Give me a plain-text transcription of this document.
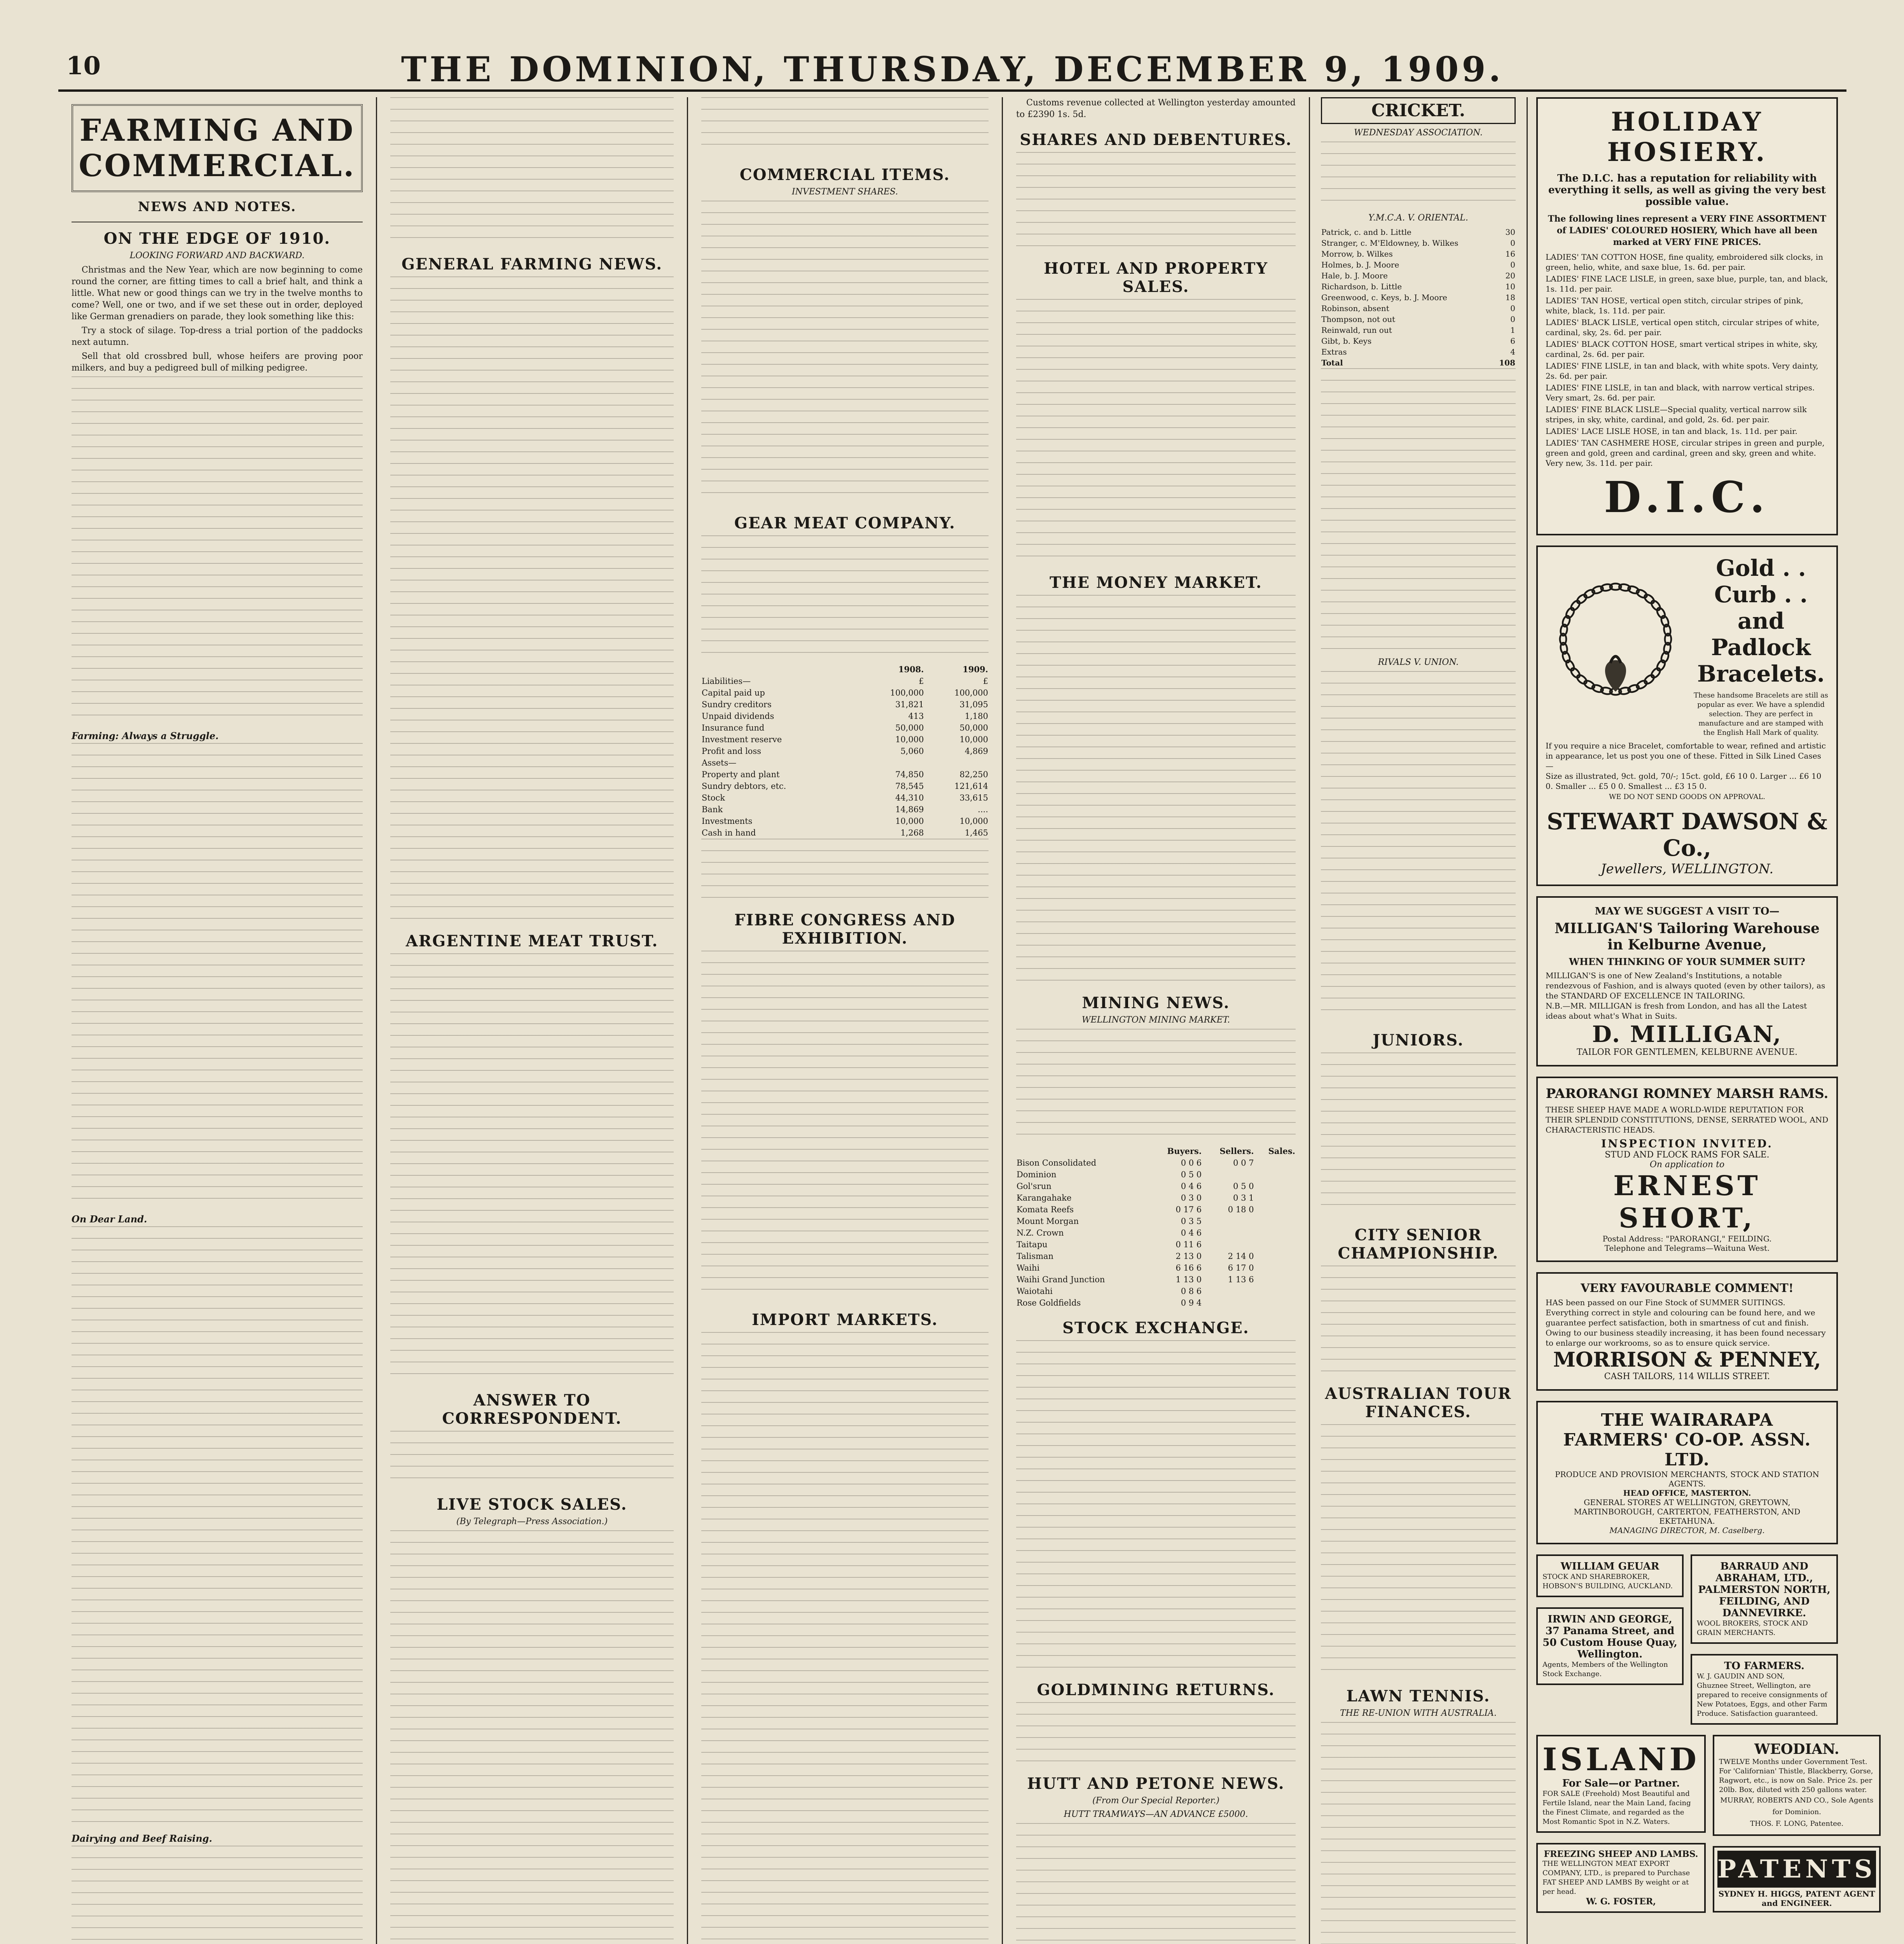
10	THE DOMINION, THURSDAY, DECEMBER 9, 1909.
FARMING AND COMMERCIAL.
NEWS AND NOTES.
ON THE EDGE OF 1910.
LOOKING FORWARD AND BACKWARD.

Christmas and the New Year, which are now beginning to come round the corner, are fitting times to call a brief halt, and think a little. What new or good things can we try in the twelve months to come? Well, one or two, and if we set these out in order, deployed like German grenadiers on parade, they look something like this:

Try a stock of silage. Top-dress a trial portion of the paddocks next autumn.

Sell that old crossbred bull, whose heifers are proving poor milkers, and buy a pedigreed bull of milking pedigree.

Farming: Always a Struggle.
On Dear Land.
Dairying and Beef Raising.
GENERAL FARMING NEWS.
ARGENTINE MEAT TRUST.
ANSWER TO CORRESPONDENT.
LIVE STOCK SALES.
(By Telegraph—Press Association.)
COMMERCIAL ITEMS.
INVESTMENT SHARES.
GEAR MEAT COMPANY.
	1908.	1909.
Liabilities—	£	£
Capital paid up	100,000	100,000
Sundry creditors	31,821	31,095
Unpaid dividends	413	1,180
Insurance fund	50,000	50,000
Investment reserve	10,000	10,000
Profit and loss	5,060	4,869
Assets—		
Property and plant	74,850	82,250
Sundry debtors, etc.	78,545	121,614
Stock	44,310	33,615
Bank	14,869	....
Investments	10,000	10,000
Cash in hand	1,268	1,465
FIBRE CONGRESS AND EXHIBITION.
IMPORT MARKETS.

Customs revenue collected at Wellington yesterday amounted to £2390 1s. 5d.

SHARES AND DEBENTURES.
HOTEL AND PROPERTY SALES.
THE MONEY MARKET.
MINING NEWS.
WELLINGTON MINING MARKET.
	Buyers.	Sellers.	Sales.
Bison Consolidated	0 0 6	0 0 7	
Dominion	0 5 0		
Gol'srun	0 4 6	0 5 0	
Karangahake	0 3 0	0 3 1	
Komata Reefs	0 17 6	0 18 0	
Mount Morgan	0 3 5		
N.Z. Crown	0 4 6		
Taitapu	0 11 6		
Talisman	2 13 0	2 14 0	
Waihi	6 16 6	6 17 0	
Waihi Grand Junction	1 13 0	1 13 6	
Waiotahi	0 8 6		
Rose Goldfields	0 9 4		
STOCK EXCHANGE.
GOLDMINING RETURNS.
HUTT AND PETONE NEWS.
(From Our Special Reporter.)
HUTT TRAMWAYS—AN ADVANCE £5000.
CRICKET.
WEDNESDAY ASSOCIATION.
Y.M.C.A. V. ORIENTAL.
Patrick, c. and b. Little	30
Stranger, c. M'Eldowney, b. Wilkes	0
Morrow, b. Wilkes	16
Holmes, b. J. Moore	0
Hale, b. J. Moore	20
Richardson, b. Little	10
Greenwood, c. Keys, b. J. Moore	18
Robinson, absent	0
Thompson, not out	0
Reinwald, run out	1
Gibt, b. Keys	6
Extras	4
Total	108
RIVALS V. UNION.
JUNIORS.
CITY SENIOR CHAMPIONSHIP.
AUSTRALIAN TOUR FINANCES.
LAWN TENNIS.
THE RE-UNION WITH AUSTRALIA.
HOLIDAY HOSIERY.
The D.I.C. has a reputation for reliability with everything it sells, as well as giving the very best possible value.
The following lines represent a VERY FINE ASSORTMENT of LADIES' COLOURED HOSIERY, Which have all been marked at VERY FINE PRICES.
LADIES' TAN COTTON HOSE, fine quality, embroidered silk clocks, in green, helio, white, and saxe blue, 1s. 6d. per pair.
LADIES' FINE LACE LISLE, in green, saxe blue, purple, tan, and black, 1s. 11d. per pair.
LADIES' TAN HOSE, vertical open stitch, circular stripes of pink, white, black, 1s. 11d. per pair.
LADIES' BLACK LISLE, vertical open stitch, circular stripes of white, cardinal, sky, 2s. 6d. per pair.
LADIES' BLACK COTTON HOSE, smart vertical stripes in white, sky, cardinal, 2s. 6d. per pair.
LADIES' FINE LISLE, in tan and black, with white spots. Very dainty, 2s. 6d. per pair.
LADIES' FINE LISLE, in tan and black, with narrow vertical stripes. Very smart, 2s. 6d. per pair.
LADIES' FINE BLACK LISLE—Special quality, vertical narrow silk stripes, in sky, white, cardinal, and gold, 2s. 6d. per pair.
LADIES' LACE LISLE HOSE, in tan and black, 1s. 11d. per pair.
LADIES' TAN CASHMERE HOSE, circular stripes in green and purple, green and gold, green and cardinal, green and sky, green and white. Very new, 3s. 11d. per pair.
D.I.C.
Gold . .
Curb . .
and
Padlock
Bracelets.
These handsome Bracelets are still as popular as ever. We have a splendid selection. They are perfect in manufacture and are stamped with the English Hall Mark of quality.
If you require a nice Bracelet, comfortable to wear, refined and artistic in appearance, let us post you one of these. Fitted in Silk Lined Cases—
Size as illustrated, 9ct. gold, 70/-; 15ct. gold, £6 10 0. Larger ... £6 10 0. Smaller ... £5 0 0. Smallest ... £3 15 0.
WE DO NOT SEND GOODS ON APPROVAL.
STEWART DAWSON & Co.,
Jewellers, WELLINGTON.
MAY WE SUGGEST A VISIT TO—
MILLIGAN'S Tailoring Warehouse in Kelburne Avenue,
WHEN THINKING OF YOUR SUMMER SUIT?
MILLIGAN'S is one of New Zealand's Institutions, a notable rendezvous of Fashion, and is always quoted (even by other tailors), as the STANDARD OF EXCELLENCE IN TAILORING.
N.B.—MR. MILLIGAN is fresh from London, and has all the Latest ideas about what's What in Suits.
D. MILLIGAN,
TAILOR FOR GENTLEMEN, KELBURNE AVENUE.
PARORANGI ROMNEY MARSH RAMS.
THESE SHEEP HAVE MADE A WORLD-WIDE REPUTATION FOR THEIR SPLENDID CONSTITUTIONS, DENSE, SERRATED WOOL, AND CHARACTERISTIC HEADS.
INSPECTION INVITED.
STUD AND FLOCK RAMS FOR SALE.
On application to
ERNEST SHORT,
Postal Address: "PARORANGI," FEILDING.
Telephone and Telegrams—Waituna West.
VERY FAVOURABLE COMMENT!
HAS been passed on our Fine Stock of SUMMER SUITINGS. Everything correct in style and colouring can be found here, and we guarantee perfect satisfaction, both in smartness of cut and finish. Owing to our business steadily increasing, it has been found necessary to enlarge our workrooms, so as to ensure quick service.
MORRISON & PENNEY,
CASH TAILORS, 114 WILLIS STREET.
THE WAIRARAPA FARMERS' CO-OP. ASSN. LTD.
PRODUCE AND PROVISION MERCHANTS, STOCK AND STATION AGENTS.
HEAD OFFICE, MASTERTON.
GENERAL STORES AT WELLINGTON, GREYTOWN, MARTINBOROUGH, CARTERTON, FEATHERSTON, AND EKETAHUNA.
MANAGING DIRECTOR, M. Caselberg.
WILLIAM GEUAR
STOCK AND SHAREBROKER, HOBSON'S BUILDING, AUCKLAND.
IRWIN AND GEORGE, 37 Panama Street, and 50 Custom House Quay, Wellington.
Agents, Members of the Wellington Stock Exchange.
BARRAUD AND ABRAHAM, LTD., PALMERSTON NORTH, FEILDING, AND DANNEVIRKE.
WOOL BROKERS, STOCK AND GRAIN MERCHANTS.
TO FARMERS.
W. J. GAUDIN AND SON,
Ghuznee Street, Wellington, are prepared to receive consignments of New Potatoes, Eggs, and other Farm Produce. Satisfaction guaranteed.
ISLAND
For Sale—or Partner.
FOR SALE (Freehold) Most Beautiful and Fertile Island, near the Main Land, facing the Finest Climate, and regarded as the Most Romantic Spot in N.Z. Waters.
FREEZING SHEEP AND LAMBS.
THE WELLINGTON MEAT EXPORT COMPANY, LTD., is prepared to Purchase FAT SHEEP AND LAMBS By weight or at per head.
W. G. FOSTER,
WEODIAN.
TWELVE Months under Government Test. For 'Californian' Thistle, Blackberry, Gorse, Ragwort, etc., is now on Sale. Price 2s. per 20lb. Box, diluted with 250 gallons water.
MURRAY, ROBERTS AND CO., Sole Agents for Dominion.
THOS. F. LONG, Patentee.
PATENTS
SYDNEY H. HIGGS, PATENT AGENT and ENGINEER.
